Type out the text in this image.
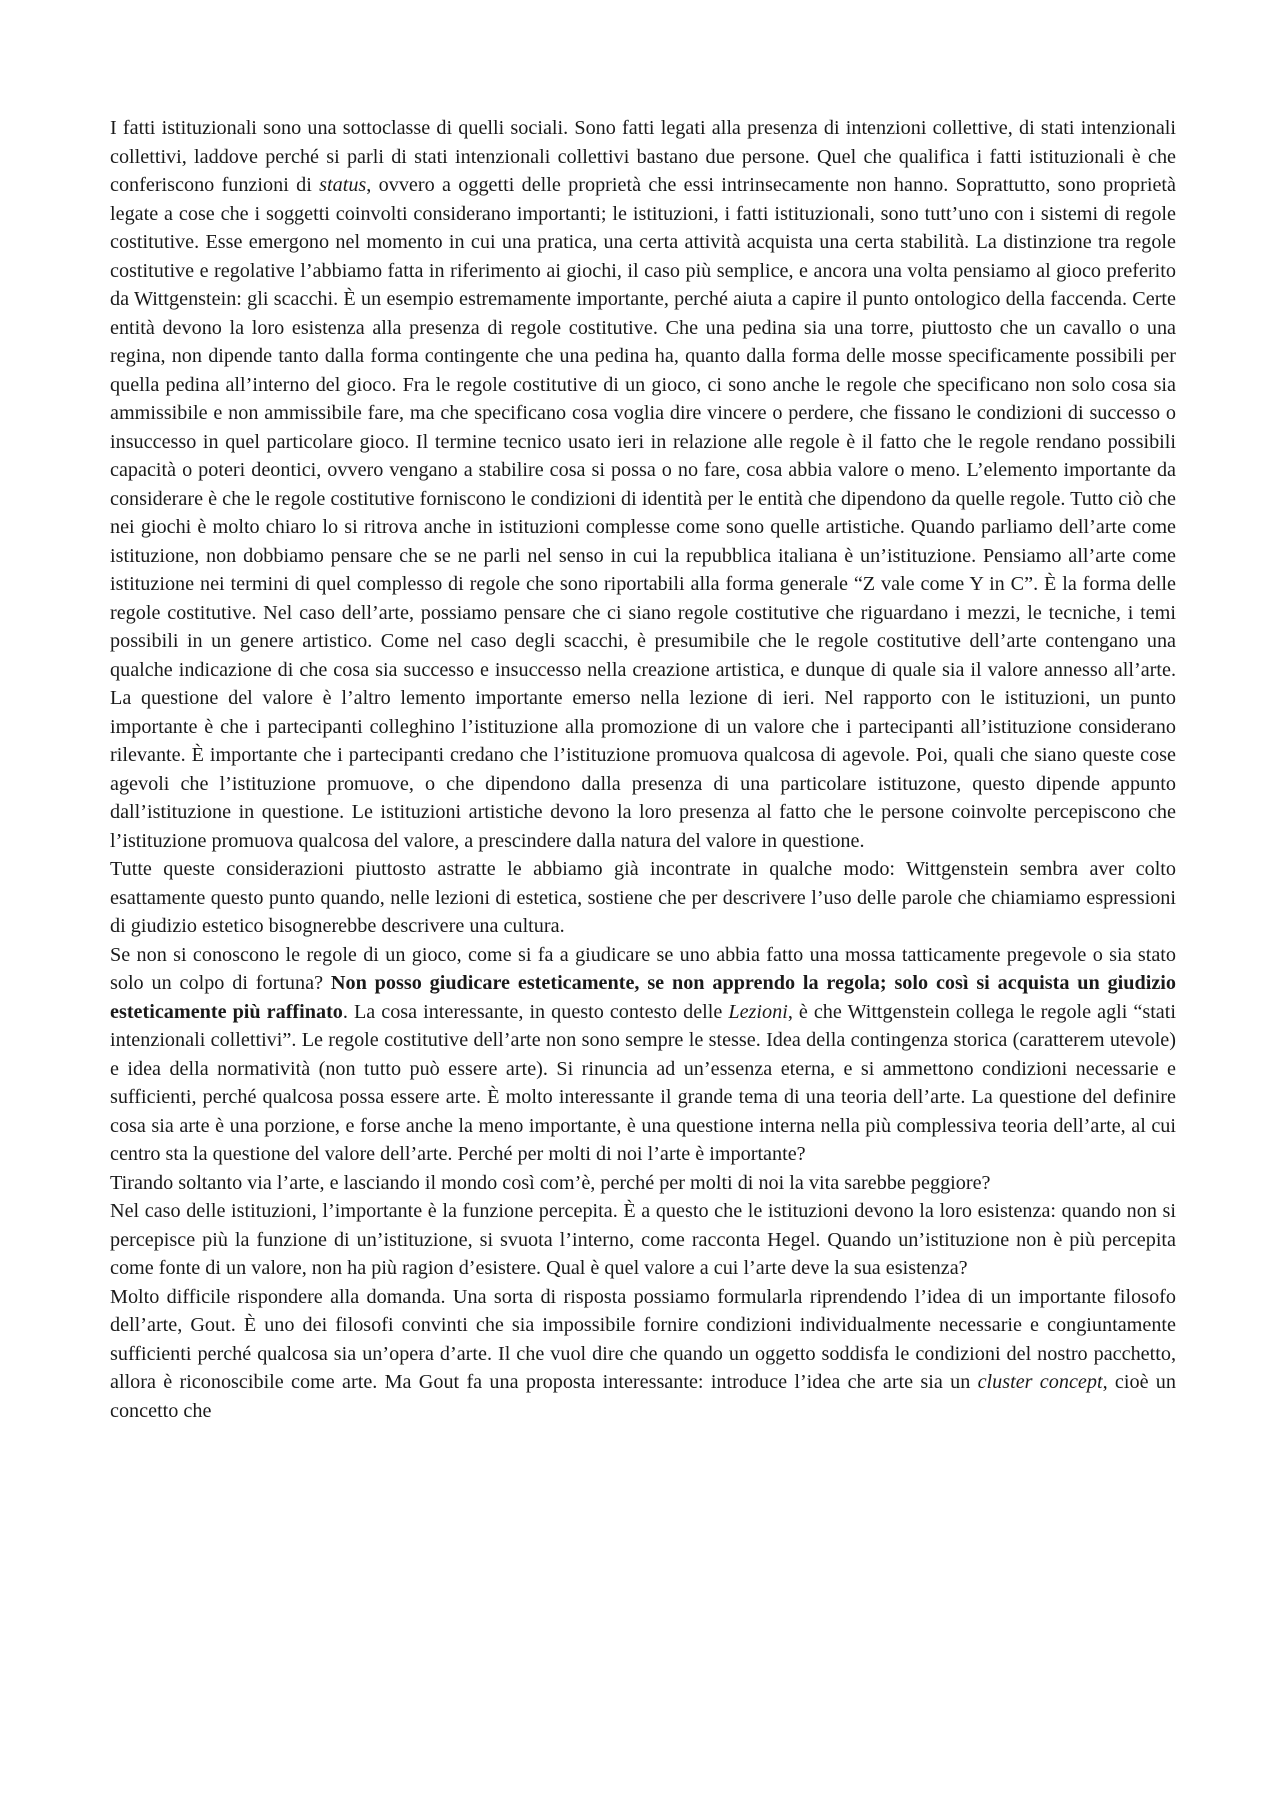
I fatti istituzionali sono una sottoclasse di quelli sociali. Sono fatti legati alla presenza di intenzioni collettive, di stati intenzionali collettivi, laddove perché si parli di stati intenzionali collettivi bastano due persone. Quel che qualifica i fatti istituzionali è che conferiscono funzioni di status, ovvero a oggetti delle proprietà che essi intrinsecamente non hanno. Soprattutto, sono proprietà legate a cose che i soggetti coinvolti considerano importanti; le istituzioni, i fatti istituzionali, sono tutt’uno con i sistemi di regole costitutive. Esse emergono nel momento in cui una pratica, una certa attività acquista una certa stabilità. La distinzione tra regole costitutive e regolative l’abbiamo fatta in riferimento ai giochi, il caso più semplice, e ancora una volta pensiamo al gioco preferito da Wittgenstein: gli scacchi. È un esempio estremamente importante, perché aiuta a capire il punto ontologico della faccenda. Certe entità devono la loro esistenza alla presenza di regole costitutive. Che una pedina sia una torre, piuttosto che un cavallo o una regina, non dipende tanto dalla forma contingente che una pedina ha, quanto dalla forma delle mosse specificamente possibili per quella pedina all’interno del gioco. Fra le regole costitutive di un gioco, ci sono anche le regole che specificano non solo cosa sia ammissibile e non ammissibile fare, ma che specificano cosa voglia dire vincere o perdere, che fissano le condizioni di successo o insuccesso in quel particolare gioco. Il termine tecnico usato ieri in relazione alle regole è il fatto che le regole rendano possibili capacità o poteri deontici, ovvero vengano a stabilire cosa si possa o no fare, cosa abbia valore o meno. L’elemento importante da considerare è che le regole costitutive forniscono le condizioni di identità per le entità che dipendono da quelle regole. Tutto ciò che nei giochi è molto chiaro lo si ritrova anche in istituzioni complesse come sono quelle artistiche. Quando parliamo dell’arte come istituzione, non dobbiamo pensare che se ne parli nel senso in cui la repubblica italiana è un’istituzione. Pensiamo all’arte come istituzione nei termini di quel complesso di regole che sono riportabili alla forma generale “Z vale come Y in C”. È la forma delle regole costitutive. Nel caso dell’arte, possiamo pensare che ci siano regole costitutive che riguardano i mezzi, le tecniche, i temi possibili in un genere artistico. Come nel caso degli scacchi, è presumibile che le regole costitutive dell’arte contengano una qualche indicazione di che cosa sia successo e insuccesso nella creazione artistica, e dunque di quale sia il valore annesso all’arte. La questione del valore è l’altro lemento importante emerso nella lezione di ieri. Nel rapporto con le istituzioni, un punto importante è che i partecipanti colleghino l’istituzione alla promozione di un valore che i partecipanti all’istituzione considerano rilevante. È importante che i partecipanti credano che l’istituzione promuova qualcosa di agevole. Poi, quali che siano queste cose agevoli che l’istituzione promuove, o che dipendono dalla presenza di una particolare istituzone, questo dipende appunto dall’istituzione in questione. Le istituzioni artistiche devono la loro presenza al fatto che le persone coinvolte percepiscono che l’istituzione promuova qualcosa del valore, a prescindere dalla natura del valore in questione.

Tutte queste considerazioni piuttosto astratte le abbiamo già incontrate in qualche modo: Wittgenstein sembra aver colto esattamente questo punto quando, nelle lezioni di estetica, sostiene che per descrivere l’uso delle parole che chiamiamo espressioni di giudizio estetico bisognerebbe descrivere una cultura.

Se non si conoscono le regole di un gioco, come si fa a giudicare se uno abbia fatto una mossa tatticamente pregevole o sia stato solo un colpo di fortuna? Non posso giudicare esteticamente, se non apprendo la regola; solo così si acquista un giudizio esteticamente più raffinato. La cosa interessante, in questo contesto delle Lezioni, è che Wittgenstein collega le regole agli “stati intenzionali collettivi”. Le regole costitutive dell’arte non sono sempre le stesse. Idea della contingenza storica (caratterem utevole) e idea della normatività (non tutto può essere arte). Si rinuncia ad un’essenza eterna, e si ammettono condizioni necessarie e sufficienti, perché qualcosa possa essere arte. È molto interessante il grande tema di una teoria dell’arte. La questione del definire cosa sia arte è una porzione, e forse anche la meno importante, è una questione interna nella più complessiva teoria dell’arte, al cui centro sta la questione del valore dell’arte. Perché per molti di noi l’arte è importante?

Tirando soltanto via l’arte, e lasciando il mondo così com’è, perché per molti di noi la vita sarebbe peggiore?

Nel caso delle istituzioni, l’importante è la funzione percepita. È a questo che le istituzioni devono la loro esistenza: quando non si percepisce più la funzione di un’istituzione, si svuota l’interno, come racconta Hegel. Quando un’istituzione non è più percepita come fonte di un valore, non ha più ragion d’esistere. Qual è quel valore a cui l’arte deve la sua esistenza?

Molto difficile rispondere alla domanda. Una sorta di risposta possiamo formularla riprendendo l’idea di un importante filosofo dell’arte, Gout. È uno dei filosofi convinti che sia impossibile fornire condizioni individualmente necessarie e congiuntamente sufficienti perché qualcosa sia un’opera d’arte. Il che vuol dire che quando un oggetto soddisfa le condizioni del nostro pacchetto, allora è riconoscibile come arte. Ma Gout fa una proposta interessante: introduce l’idea che arte sia un cluster concept, cioè un concetto che
